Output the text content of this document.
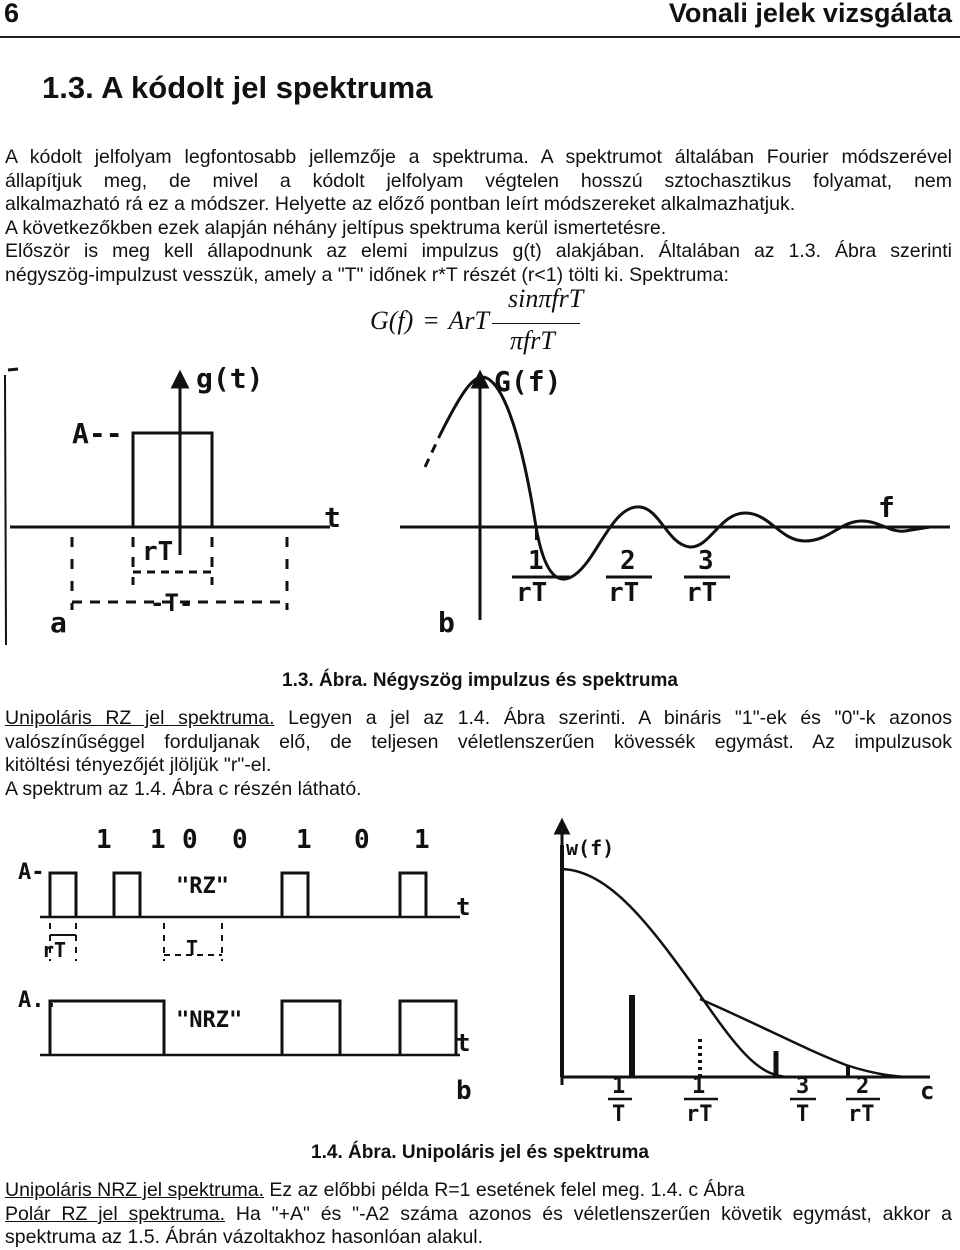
6	Vonali jelek vizsgálata
1.3. A kódolt jel spektruma
A kódolt jelfolyam legfontosabb jellemzője a spektruma. A spektrumot általában Fourier módszerével
állapítjuk meg, de mivel a kódolt jelfolyam végtelen hosszú sztochasztikus folyamat, nem
alkalmazható rá ez a módszer. Helyette az előző pontban leírt módszereket alkalmazhatjuk.
A következőkben ezek alapján néhány jeltípus spektruma kerül ismertetésre.
Először is meg kell állapodnunk az elemi impulzus g(t) alakjában. Általában az 1.3. Ábra szerinti
négyszög-impulzust vesszük, amely a "T" időnek r*T részét (r<1) tölti ki. Spektruma:
G(f) = ArT
sinπfrT
πfrT
A--
g(t)
t
rT
-T-
a
G(f)
f
1
rT
2
rT
3
rT
b
1.3. Ábra. Négyszög impulzus és spektruma
Unipoláris RZ jel spektruma. Legyen a jel az 1.4. Ábra szerinti. A bináris "1"-ek és "0"-k azonos
valószínűséggel forduljanak elő, de teljesen véletlenszerűen kövessék egymást. Az impulzusok
kitöltési tényezőjét jlöljük "r"-el.
A spektrum az 1.4. Ábra c részén látható.
1 1 0 0 1 0 1
A-
"RZ"
t
rT	T
A..
"NRZ"
t
b
w(f)
1
T
1
rT
3
T
2
rT
c
1.4. Ábra. Unipoláris jel és spektruma
Unipoláris NRZ jel spektruma. Ez az előbbi példa R=1 esetének felel meg. 1.4. c Ábra
Polár RZ jel spektruma. Ha "+A" és "-A2 száma azonos és véletlenszerűen követik egymást, akkor a
spektruma az 1.5. Ábrán vázoltakhoz hasonlóan alakul.
